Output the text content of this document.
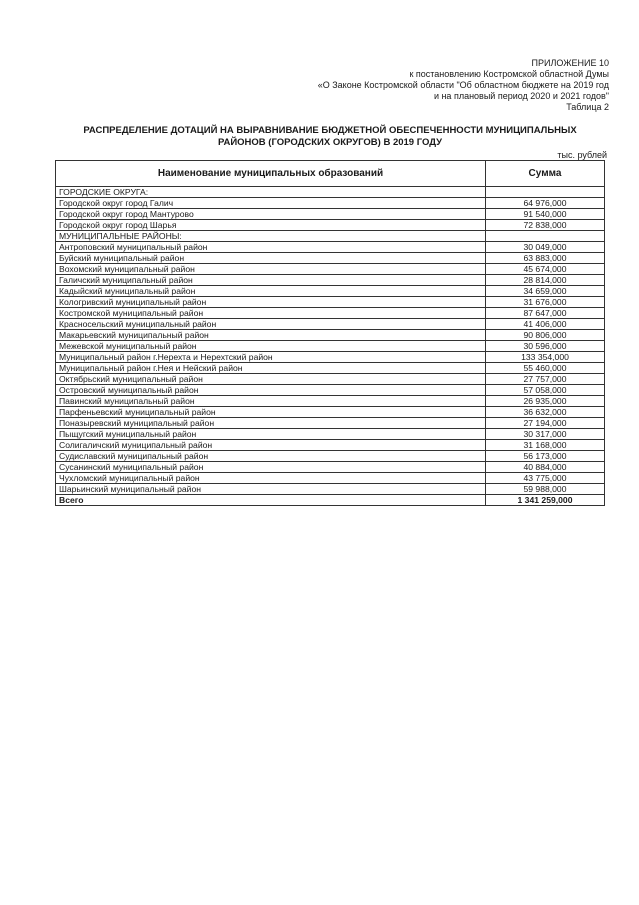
ПРИЛОЖЕНИЕ 10
к постановлению Костромской областной Думы
«О Законе Костромской области "Об областном бюджете на 2019 год
и на плановый период 2020 и 2021 годов"
Таблица 2
РАСПРЕДЕЛЕНИЕ ДОТАЦИЙ НА ВЫРАВНИВАНИЕ БЮДЖЕТНОЙ ОБЕСПЕЧЕННОСТИ МУНИЦИПАЛЬНЫХ
РАЙОНОВ (ГОРОДСКИХ ОКРУГОВ) В 2019 ГОДУ
тыс. рублей
Наименование муниципальных образований	Сумма
ГОРОДСКИЕ ОКРУГА:	
Городской округ город Галич	64 976,000
Городской округ город Мантурово	91 540,000
Городской округ город Шарья	72 838,000
МУНИЦИПАЛЬНЫЕ РАЙОНЫ:	
Антроповский муниципальный район	30 049,000
Буйский муниципальный район	63 883,000
Вохомский муниципальный район	45 674,000
Галичский муниципальный район	28 814,000
Кадыйский муниципальный район	34 659,000
Кологривский муниципальный район	31 676,000
Костромской муниципальный район	87 647,000
Красносельский муниципальный район	41 406,000
Макарьевский муниципальный район	90 806,000
Межевской муниципальный район	30 596,000
Муниципальный район г.Нерехта и Нерехтский район	133 354,000
Муниципальный район г.Нея и Нейский район	55 460,000
Октябрьский муниципальный район	27 757,000
Островский муниципальный район	57 058,000
Павинский муниципальный район	26 935,000
Парфеньевский муниципальный район	36 632,000
Поназыревский муниципальный район	27 194,000
Пыщугский муниципальный район	30 317,000
Солигаличский муниципальный район	31 168,000
Судиславский муниципальный район	56 173,000
Сусанинский муниципальный район	40 884,000
Чухломский муниципальный район	43 775,000
Шарьинский муниципальный район	59 988,000
Всего	1 341 259,000
